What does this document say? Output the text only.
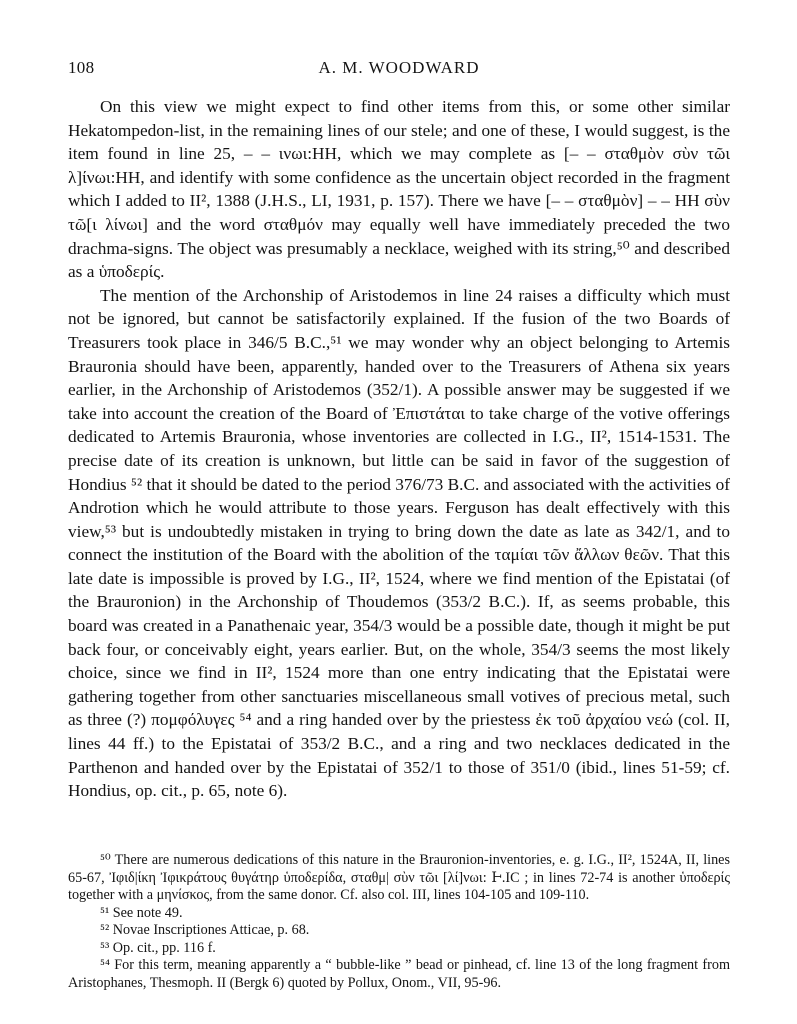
108	A. M. WOODWARD

On this view we might expect to find other items from this, or some other similar Hekatompedon-list, in the remaining lines of our stele; and one of these, I would suggest, is the item found in line 25, – – ινωι:ΗΗ, which we may complete as [– – σταθμὸν σὺν τῶι λ]ίνωι:ΗΗ, and identify with some confidence as the uncertain object recorded in the fragment which I added to II², 1388 (J.H.S., LI, 1931, p. 157). There we have [– – σταθμὸν] – – ΗΗ σὺν τῶ[ι λίνωι] and the word σταθμόν may equally well have immediately preceded the two drachma-signs. The object was presumably a necklace, weighed with its string,⁵⁰ and described as a ὑποδερίς.

The mention of the Archonship of Aristodemos in line 24 raises a difficulty which must not be ignored, but cannot be satisfactorily explained. If the fusion of the two Boards of Treasurers took place in 346/5 B.C.,⁵¹ we may wonder why an object belonging to Artemis Brauronia should have been, apparently, handed over to the Treasurers of Athena six years earlier, in the Archonship of Aristodemos (352/1). A possible answer may be suggested if we take into account the creation of the Board of Ἐπιστάται to take charge of the votive offerings dedicated to Artemis Brauronia, whose inventories are collected in I.G., II², 1514-1531. The precise date of its creation is unknown, but little can be said in favor of the suggestion of Hondius ⁵² that it should be dated to the period 376/73 B.C. and associated with the activities of Androtion which he would attribute to those years. Ferguson has dealt effectively with this view,⁵³ but is undoubtedly mistaken in trying to bring down the date as late as 342/1, and to connect the institution of the Board with the abolition of the ταμίαι τῶν ἄλλων θεῶν. That this late date is impossible is proved by I.G., II², 1524, where we find mention of the Epistatai (of the Brauronion) in the Archonship of Thoudemos (353/2 B.C.). If, as seems probable, this board was created in a Panathenaic year, 354/3 would be a possible date, though it might be put back four, or conceivably eight, years earlier. But, on the whole, 354/3 seems the most likely choice, since we find in II², 1524 more than one entry indicating that the Epistatai were gathering together from other sanctuaries miscellaneous small votives of precious metal, such as three (?) πομφόλυγες ⁵⁴ and a ring handed over by the priestess ἐκ τοῦ ἀρχαίου νεώ (col. II, lines 44 ff.) to the Epistatai of 353/2 B.C., and a ring and two necklaces dedicated in the Parthenon and handed over by the Epistatai of 352/1 to those of 351/0 (ibid., lines 51-59; cf. Hondius, op. cit., p. 65, note 6).

⁵⁰ There are numerous dedications of this nature in the Brauronion-inventories, e. g. I.G., II², 1524A, II, lines 65-67, Ἰφιδ|ίκη Ἰφικράτους θυγάτηρ ὑποδερίδα, σταθμ| σὺν τῶι [λί]νωι: Ͱ.ΙC ; in lines 72-74 is another ὑποδερίς together with a μηνίσκος, from the same donor. Cf. also col. III, lines 104-105 and 109-110.

⁵¹ See note 49.

⁵² Novae Inscriptiones Atticae, p. 68.

⁵³ Op. cit., pp. 116 f.

⁵⁴ For this term, meaning apparently a “ bubble-like ” bead or pinhead, cf. line 13 of the long fragment from Aristophanes, Thesmoph. II (Bergk 6) quoted by Pollux, Onom., VII, 95-96.
